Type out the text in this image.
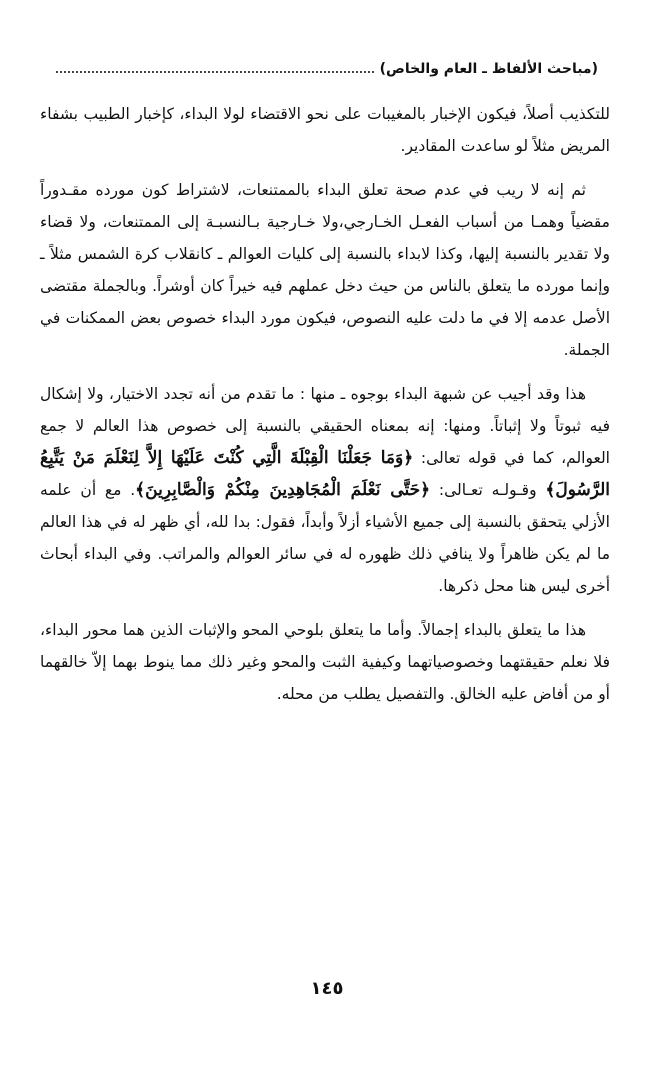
(مباحث الألفاظ ـ العام والخاص)

للتكذيب أصلاً، فيكون الإخبار بالمغيبات على نحو الاقتضاء لولا البداء، كإخبار الطبيب بشفاء المريض مثلاً لو ساعدت المقادير.

ثم إنه لا ريب في عدم صحة تعلق البداء بالممتنعات، لاشتراط كون مورده مقـدوراً مقضياً وهمـا من أسباب الفعـل الخـارجي،ولا خـارجية بـالنسبـة إلى الممتنعات، ولا قضاء ولا تقدير بالنسبة إليها، وكذا لابداء بالنسبة إلى كليات العوالم ـ كانقلاب كرة الشمس مثلاً ـ وإنما مورده ما يتعلق بالناس من حيث دخل عملهم فيه خيراً كان أوشراً. وبالجملة مقتضى الأصل عدمه إلا في ما دلت عليه النصوص، فيكون مورد البداء خصوص بعض الممكنات في الجملة.

هذا وقد أجيب عن شبهة البداء بوجوه ـ منها : ما تقدم من أنه تجدد الاختيار، ولا إشكال فيه ثبوتاً ولا إثباتاً. ومنها: إنه بمعناه الحقيقي بالنسبة إلى خصوص هذا العالم لا جمع العوالم، كما في قوله تعالى: ﴿وَمَا جَعَلْنَا الْقِبْلَةَ الَّتِي كُنْتَ عَلَيْهَا إِلاَّ لِنَعْلَمَ مَنْ يَتَّبِعُ الرَّسُولَ﴾ وقـولـه تعـالى: ﴿حَتَّى نَعْلَمَ الْمُجَاهِدِينَ مِنْكُمْ وَالْصَّابِرِينَ﴾. مع أن علمه الأزلي يتحقق بالنسبة إلى جميع الأشياء أزلاً وأبداً، فقول: بدا لله، أي ظهر له في هذا العالم ما لم يكن ظاهراً ولا ينافي ذلك ظهوره له في سائر العوالم والمراتب. وفي البداء أبحاث أخرى ليس هنا محل ذكرها.

هذا ما يتعلق بالبداء إجمالاً. وأما ما يتعلق بلوحي المحو والإثبات الذين هما محور البداء، فلا نعلم حقيقتهما وخصوصياتهما وكيفية الثبت والمحو وغير ذلك مما ينوط بهما إلاّ خالقهما أو من أفاض عليه الخالق. والتفصيل يطلب من محله.

١٤٥
